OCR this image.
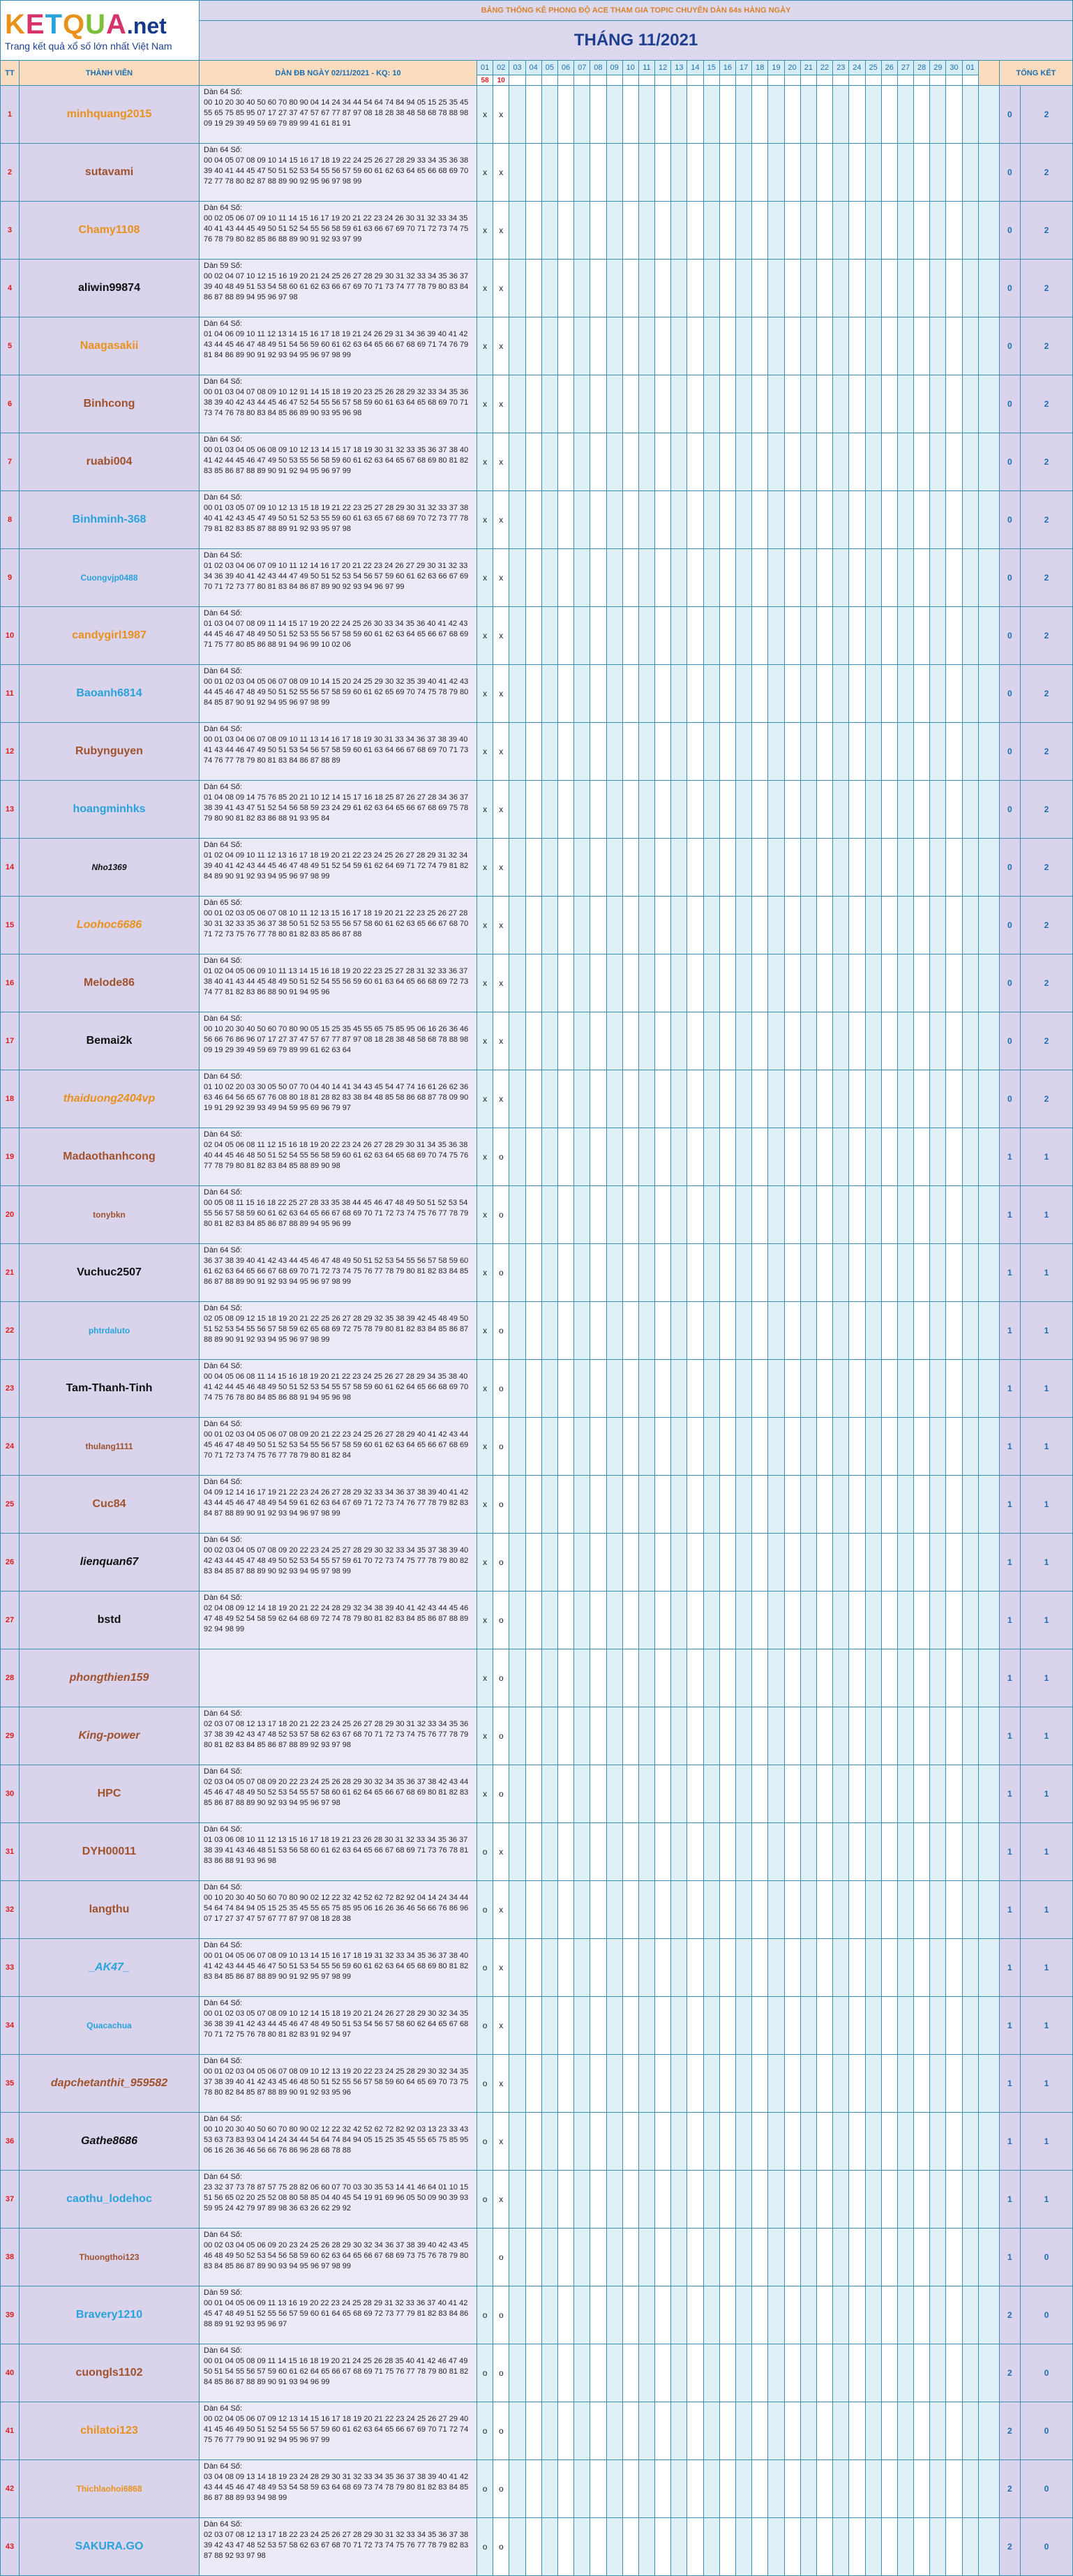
KETQUA.net
Trang kết quả xổ số lớn nhất Việt Nam		BẢNG THỐNG KÊ PHONG ĐỘ ACE THAM GIA TOPIC CHUYÊN DÀN 64s HÀNG NGÀY																																		
		THÁNG 11/2021																																		
TT	THÀNH VIÊN	DÀN ĐB NGÀY 02/11/2021 - KQ: 10	01	02	03	04	05	06	07	08	09	10	11	12	13	14	15	16	17	18	19	20	21	22	23	24	25	26	27	28	29	30	01		TỔNG KẾT	
			58	10																																
1	minhquang2015	Dàn 64 Số:
00 10 20 30 40 50 60 70 80 90 04 14 24 34 44 54 64 74 84 94 05 15 25 35 45 55 65 75 85 95 07 17 27 37 47 57 67 77 87 97 08 18 28 38 48 58 68 78 88 98 09 19 29 39 49 59 69 79 89 99 41 61 81 91	x	x																															0	2
2	sutavami	Dàn 64 Số:
00 04 05 07 08 09 10 14 15 16 17 18 19 22 24 25 26 27 28 29 33 34 35 36 38 39 40 41 44 45 47 50 51 52 53 54 55 56 57 59 60 61 62 63 64 65 66 68 69 70 72 77 78 80 82 87 88 89 90 92 95 96 97 98 99	x	x																															0	2
3	Chamy1108	Dàn 64 Số:
00 02 05 06 07 09 10 11 14 15 16 17 19 20 21 22 23 24 26 30 31 32 33 34 35 40 41 43 44 45 49 50 51 52 54 55 56 58 59 61 63 66 67 69 70 71 72 73 74 75 76 78 79 80 82 85 86 88 89 90 91 92 93 97 99	x	x																															0	2
4	aliwin99874	Dàn 59 Số:
00 02 04 07 10 12 15 16 19 20 21 24 25 26 27 28 29 30 31 32 33 34 35 36 37 39 40 48 49 51 53 54 58 60 61 62 63 66 67 69 70 71 73 74 77 78 79 80 83 84 86 87 88 89 94 95 96 97 98	x	x																															0	2
5	Naagasakii	Dàn 64 Số:
01 04 06 09 10 11 12 13 14 15 16 17 18 19 21 24 26 29 31 34 36 39 40 41 42 43 44 45 46 47 48 49 51 54 56 59 60 61 62 63 64 65 66 67 68 69 71 74 76 79 81 84 86 89 90 91 92 93 94 95 96 97 98 99	x	x																															0	2
6	Binhcong	Dàn 64 Số:
00 01 03 04 07 08 09 10 12 91 14 15 18 19 20 23 25 26 28 29 32 33 34 35 36 38 39 40 42 43 44 45 46 47 52 54 55 56 57 58 59 60 61 63 64 65 68 69 70 71 73 74 76 78 80 83 84 85 86 89 90 93 95 96 98	x	x																															0	2
7	ruabi004	Dàn 64 Số:
00 01 03 04 05 06 08 09 10 12 13 14 15 17 18 19 30 31 32 33 35 36 37 38 40 41 42 44 45 46 47 49 50 53 55 56 58 59 60 61 62 63 64 65 67 68 69 80 81 82 83 85 86 87 88 89 90 91 92 94 95 96 97 99	x	x																															0	2
8	Binhminh-368	Dàn 64 Số:
00 01 03 05 07 09 10 12 13 15 18 19 21 22 23 25 27 28 29 30 31 32 33 37 38 40 41 42 43 45 47 49 50 51 52 53 55 59 60 61 63 65 67 68 69 70 72 73 77 78 79 81 82 83 85 87 88 89 91 92 93 95 97 98	x	x																															0	2
9	Cuongvjp0488	Dàn 64 Số:
01 02 03 04 06 07 09 10 11 12 14 16 17 20 21 22 23 24 26 27 29 30 31 32 33 34 36 39 40 41 42 43 44 47 49 50 51 52 53 54 56 57 59 60 61 62 63 66 67 69 70 71 72 73 77 80 81 83 84 86 87 89 90 92 93 94 96 97 99	x	x																															0	2
10	candygirl1987	Dàn 64 Số:
01 03 04 07 08 09 11 14 15 17 19 20 22 24 25 26 30 33 34 35 36 40 41 42 43 44 45 46 47 48 49 50 51 52 53 55 56 57 58 59 60 61 62 63 64 65 66 67 68 69 71 75 77 80 85 86 88 91 94 96 99 10 02 06	x	x																															0	2
11	Baoanh6814	Dàn 64 Số:
00 01 02 03 04 05 06 07 08 09 10 14 15 20 24 25 29 30 32 35 39 40 41 42 43 44 45 46 47 48 49 50 51 52 55 56 57 58 59 60 61 62 65 69 70 74 75 78 79 80 84 85 87 90 91 92 94 95 96 97 98 99	x	x																															0	2
12	Rubynguyen	Dàn 64 Số:
00 01 03 04 06 07 08 09 10 11 13 14 16 17 18 19 30 31 33 34 36 37 38 39 40 41 43 44 46 47 49 50 51 53 54 56 57 58 59 60 61 63 64 66 67 68 69 70 71 73 74 76 77 78 79 80 81 83 84 86 87 88 89	x	x																															0	2
13	hoangminhks	Dàn 64 Số:
01 04 08 09 14 75 76 85 20 21 10 12 14 15 17 16 18 25 87 26 27 28 34 36 37 38 39 41 43 47 51 52 54 56 58 59 23 24 29 61 62 63 64 65 66 67 68 69 75 78 79 80 90 81 82 83 86 88 91 93 95 84	x	x																															0	2
14	Nho1369	Dàn 64 Số:
01 02 04 09 10 11 12 13 16 17 18 19 20 21 22 23 24 25 26 27 28 29 31 32 34 39 40 41 42 43 44 45 46 47 48 49 51 52 54 59 61 62 64 69 71 72 74 79 81 82 84 89 90 91 92 93 94 95 96 97 98 99	x	x																															0	2
15	Loohoc6686	Dàn 65 Số:
00 01 02 03 05 06 07 08 10 11 12 13 15 16 17 18 19 20 21 22 23 25 26 27 28 30 31 32 33 35 36 37 38 50 51 52 53 55 56 57 58 60 61 62 63 65 66 67 68 70 71 72 73 75 76 77 78 80 81 82 83 85 86 87 88	x	x																															0	2
16	Melode86	Dàn 64 Số:
01 02 04 05 06 09 10 11 13 14 15 16 18 19 20 22 23 25 27 28 31 32 33 36 37 38 40 41 43 44 45 48 49 50 51 52 54 55 56 59 60 61 63 64 65 66 68 69 72 73 74 77 81 82 83 86 88 90 91 94 95 96	x	x																															0	2
17	Bemai2k	Dàn 64 Số:
00 10 20 30 40 50 60 70 80 90 05 15 25 35 45 55 65 75 85 95 06 16 26 36 46 56 66 76 86 96 07 17 27 37 47 57 67 77 87 97 08 18 28 38 48 58 68 78 88 98 09 19 29 39 49 59 69 79 89 99 61 62 63 64	x	x																															0	2
18	thaiduong2404vp	Dàn 64 Số:
01 10 02 20 03 30 05 50 07 70 04 40 14 41 34 43 45 54 47 74 16 61 26 62 36 63 46 64 56 65 67 76 08 80 18 81 28 82 83 38 84 48 85 58 86 68 87 78 09 90 19 91 29 92 39 93 49 94 59 95 69 96 79 97	x	x																															0	2
19	Madaothanhcong	Dàn 64 Số:
02 04 05 06 08 11 12 15 16 18 19 20 22 23 24 26 27 28 29 30 31 34 35 36 38 40 44 45 46 48 50 51 52 54 55 56 58 59 60 61 62 63 64 65 68 69 70 74 75 76 77 78 79 80 81 82 83 84 85 88 89 90 98	x	o																															1	1
20	tonybkn	Dàn 64 Số:
00 05 08 11 15 16 18 22 25 27 28 33 35 38 44 45 46 47 48 49 50 51 52 53 54 55 56 57 58 59 60 61 62 63 64 65 66 67 68 69 70 71 72 73 74 75 76 77 78 79 80 81 82 83 84 85 86 87 88 89 94 95 96 99	x	o																															1	1
21	Vuchuc2507	Dàn 64 Số:
36 37 38 39 40 41 42 43 44 45 46 47 48 49 50 51 52 53 54 55 56 57 58 59 60 61 62 63 64 65 66 67 68 69 70 71 72 73 74 75 76 77 78 79 80 81 82 83 84 85 86 87 88 89 90 91 92 93 94 95 96 97 98 99	x	o																															1	1
22	phtrdaluto	Dàn 64 Số:
02 05 08 09 12 15 18 19 20 21 22 25 26 27 28 29 32 35 38 39 42 45 48 49 50 51 52 53 54 55 56 57 58 59 62 65 68 69 72 75 78 79 80 81 82 83 84 85 86 87 88 89 90 91 92 93 94 95 96 97 98 99	x	o																															1	1
23	Tam-Thanh-Tinh	Dàn 64 Số:
00 04 05 06 08 11 14 15 16 18 19 20 21 22 23 24 25 26 27 28 29 34 35 38 40 41 42 44 45 46 48 49 50 51 52 53 54 55 57 58 59 60 61 62 64 65 66 68 69 70 74 75 76 78 80 84 85 86 88 91 94 95 96 98	x	o																															1	1
24	thulang1111	Dàn 64 Số:
00 01 02 03 04 05 06 07 08 09 20 21 22 23 24 25 26 27 28 29 40 41 42 43 44 45 46 47 48 49 50 51 52 53 54 55 56 57 58 59 60 61 62 63 64 65 66 67 68 69 70 71 72 73 74 75 76 77 78 79 80 81 82 84	x	o																															1	1
25	Cuc84	Dàn 64 Số:
04 09 12 14 16 17 19 21 22 23 24 26 27 28 29 32 33 34 36 37 38 39 40 41 42 43 44 45 46 47 48 49 54 59 61 62 63 64 67 69 71 72 73 74 76 77 78 79 82 83 84 87 88 89 90 91 92 93 94 96 97 98 99	x	o																															1	1
26	lienquan67	Dàn 64 Số:
00 02 03 04 05 07 08 09 20 22 23 24 25 27 28 29 30 32 33 34 35 37 38 39 40 42 43 44 45 47 48 49 50 52 53 54 55 57 59 61 70 72 73 74 75 77 78 79 80 82 83 84 85 87 88 89 90 92 93 94 95 97 98 99	x	o																															1	1
27	bstd	Dàn 64 Số:
02 04 08 09 12 14 18 19 20 21 22 24 28 29 32 34 38 39 40 41 42 43 44 45 46 47 48 49 52 54 58 59 62 64 68 69 72 74 78 79 80 81 82 83 84 85 86 87 88 89 92 94 98 99	x	o																															1	1
28	phongthien159		x	o																															1	1
29	King-power	Dàn 64 Số:
02 03 07 08 12 13 17 18 20 21 22 23 24 25 26 27 28 29 30 31 32 33 34 35 36 37 38 39 42 43 47 48 52 53 57 58 62 63 67 68 70 71 72 73 74 75 76 77 78 79 80 81 82 83 84 85 86 87 88 89 92 93 97 98	x	o																															1	1
30	HPC	Dàn 64 Số:
02 03 04 05 07 08 09 20 22 23 24 25 26 28 29 30 32 34 35 36 37 38 42 43 44 45 46 47 48 49 50 52 53 54 55 57 58 60 61 62 64 65 66 67 68 69 80 81 82 83 85 86 87 88 89 90 92 93 94 95 96 97 98	x	o																															1	1
31	DYH00011	Dàn 64 Số:
01 03 06 08 10 11 12 13 15 16 17 18 19 21 23 26 28 30 31 32 33 34 35 36 37 38 39 41 43 46 48 51 53 56 58 60 61 62 63 64 65 66 67 68 69 71 73 76 78 81 83 86 88 91 93 96 98	o	x																															1	1
32	langthu	Dàn 64 Số:
00 10 20 30 40 50 60 70 80 90 02 12 22 32 42 52 62 72 82 92 04 14 24 34 44 54 64 74 84 94 05 15 25 35 45 55 65 75 85 95 06 16 26 36 46 56 66 76 86 96 07 17 27 37 47 57 67 77 87 97 08 18 28 38	o	x																															1	1
33	_AK47_	Dàn 64 Số:
00 01 04 05 06 07 08 09 10 13 14 15 16 17 18 19 31 32 33 34 35 36 37 38 40 41 42 43 44 45 46 47 50 51 53 54 55 56 59 60 61 62 63 64 65 68 69 80 81 82 83 84 85 86 87 88 89 90 91 92 95 97 98 99	o	x																															1	1
34	Quacachua	Dàn 64 Số:
00 01 02 03 05 07 08 09 10 12 14 15 18 19 20 21 24 26 27 28 29 30 32 34 35 36 38 39 41 42 43 44 45 46 47 48 49 50 51 53 54 56 57 58 60 62 64 65 67 68 70 71 72 75 76 78 80 81 82 83 91 92 94 97	o	x																															1	1
35	dapchetanthit_959582	Dàn 64 Số:
00 01 02 03 04 05 06 07 08 09 10 12 13 19 20 22 23 24 25 28 29 30 32 34 35 37 38 39 40 41 42 43 45 46 48 50 51 52 55 56 57 58 59 60 64 65 69 70 73 75 78 80 82 84 85 87 88 89 90 91 92 93 95 96	o	x																															1	1
36	Gathe8686	Dàn 64 Số:
00 10 20 30 40 50 60 70 80 90 02 12 22 32 42 52 62 72 82 92 03 13 23 33 43 53 63 73 83 93 04 14 24 34 44 54 64 74 84 94 05 15 25 35 45 55 65 75 85 95 06 16 26 36 46 56 66 76 86 96 28 68 78 88	o	x																															1	1
37	caothu_lodehoc	Dàn 64 Số:
23 32 37 73 78 87 57 75 28 82 06 60 07 70 03 30 35 53 14 41 46 64 01 10 15 51 56 65 02 20 25 52 08 80 58 85 04 40 45 54 19 91 69 96 05 50 09 90 39 93 59 95 24 42 79 97 89 98 36 63 26 62 29 92	o	x																															1	1
38	Thuongthoi123	Dàn 64 Số:
00 02 03 04 05 06 09 20 23 24 25 26 28 29 30 32 34 36 37 38 39 40 42 43 45 46 48 49 50 52 53 54 56 58 59 60 62 63 64 65 66 67 68 69 73 75 76 78 79 80 83 84 85 86 87 89 90 93 94 95 96 97 98 99		o																															1	0
39	Bravery1210	Dàn 59 Số:
00 01 04 05 06 09 11 13 16 19 20 22 23 24 25 28 29 31 32 33 36 37 40 41 42 45 47 48 49 51 52 55 56 57 59 60 61 64 65 68 69 72 73 77 79 81 82 83 84 86 88 89 91 92 93 95 96 97	o	o																															2	0
40	cuongls1102	Dàn 64 Số:
00 01 04 05 08 09 11 14 15 16 18 19 20 21 24 25 26 28 35 40 41 42 46 47 49 50 51 54 55 56 57 59 60 61 62 64 65 66 67 68 69 71 75 76 77 78 79 80 81 82 84 85 86 87 88 89 90 91 93 94 96 99	o	o																															2	0
41	chilatoi123	Dàn 64 Số:
00 02 04 05 06 07 09 12 13 14 15 16 17 18 19 20 21 22 23 24 25 26 27 29 40 41 45 46 49 50 51 52 54 55 56 57 59 60 61 62 63 64 65 66 67 69 70 71 72 74 75 76 77 79 90 91 92 94 95 96 97 99	o	o																															2	0
42	Thichlaohoi6868	Dàn 64 Số:
03 04 08 09 13 14 18 19 23 24 28 29 30 31 32 33 34 35 36 37 38 39 40 41 42 43 44 45 46 47 48 49 53 54 58 59 63 64 68 69 73 74 78 79 80 81 82 83 84 85 86 87 88 89 93 94 98 99	o	o																															2	0
43	SAKURA.GO	Dàn 64 Số:
02 03 07 08 12 13 17 18 22 23 24 25 26 27 28 29 30 31 32 33 34 35 36 37 38 39 42 43 47 48 52 53 57 58 62 63 67 68 70 71 72 73 74 75 76 77 78 79 82 83 87 88 92 93 97 98	o	o																															2	0
